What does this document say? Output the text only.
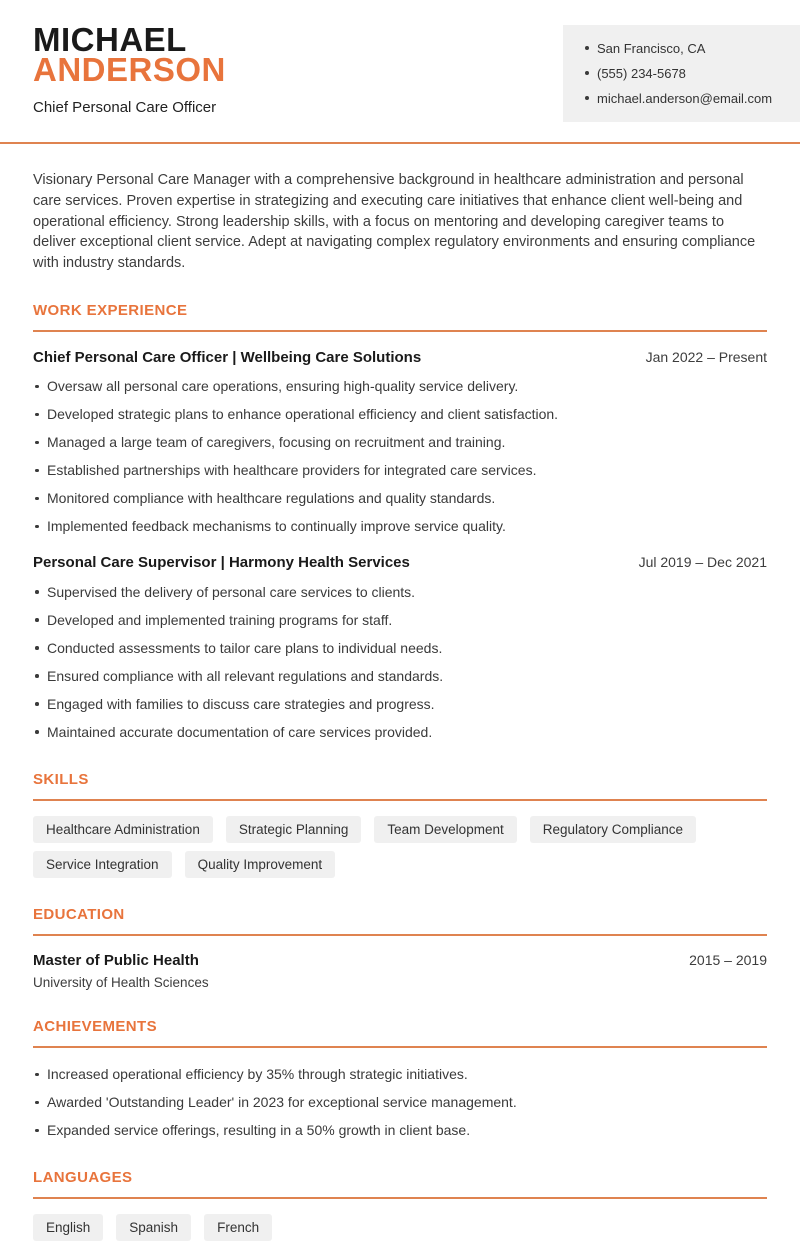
MICHAEL
ANDERSON
Chief Personal Care Officer
San Francisco, CA
(555) 234-5678
michael.anderson@email.com

Visionary Personal Care Manager with a comprehensive background in healthcare administration and personal care services. Proven expertise in strategizing and executing care initiatives that enhance client well-being and operational efficiency. Strong leadership skills, with a focus on mentoring and developing caregiver teams to deliver exceptional client service. Adept at navigating complex regulatory environments and ensuring compliance with industry standards.

WORK EXPERIENCE
Chief Personal Care Officer | Wellbeing Care Solutions	Jan 2022 – Present
Oversaw all personal care operations, ensuring high-quality service delivery.
Developed strategic plans to enhance operational efficiency and client satisfaction.
Managed a large team of caregivers, focusing on recruitment and training.
Established partnerships with healthcare providers for integrated care services.
Monitored compliance with healthcare regulations and quality standards.
Implemented feedback mechanisms to continually improve service quality.
Personal Care Supervisor | Harmony Health Services	Jul 2019 – Dec 2021
Supervised the delivery of personal care services to clients.
Developed and implemented training programs for staff.
Conducted assessments to tailor care plans to individual needs.
Ensured compliance with all relevant regulations and standards.
Engaged with families to discuss care strategies and progress.
Maintained accurate documentation of care services provided.
SKILLS
Healthcare Administration	Strategic Planning	Team Development	Regulatory Compliance
Service Integration	Quality Improvement
EDUCATION
Master of Public Health
University of Health Sciences
2015 – 2019
ACHIEVEMENTS
Increased operational efficiency by 35% through strategic initiatives.
Awarded 'Outstanding Leader' in 2023 for exceptional service management.
Expanded service offerings, resulting in a 50% growth in client base.
LANGUAGES
English	Spanish	French
